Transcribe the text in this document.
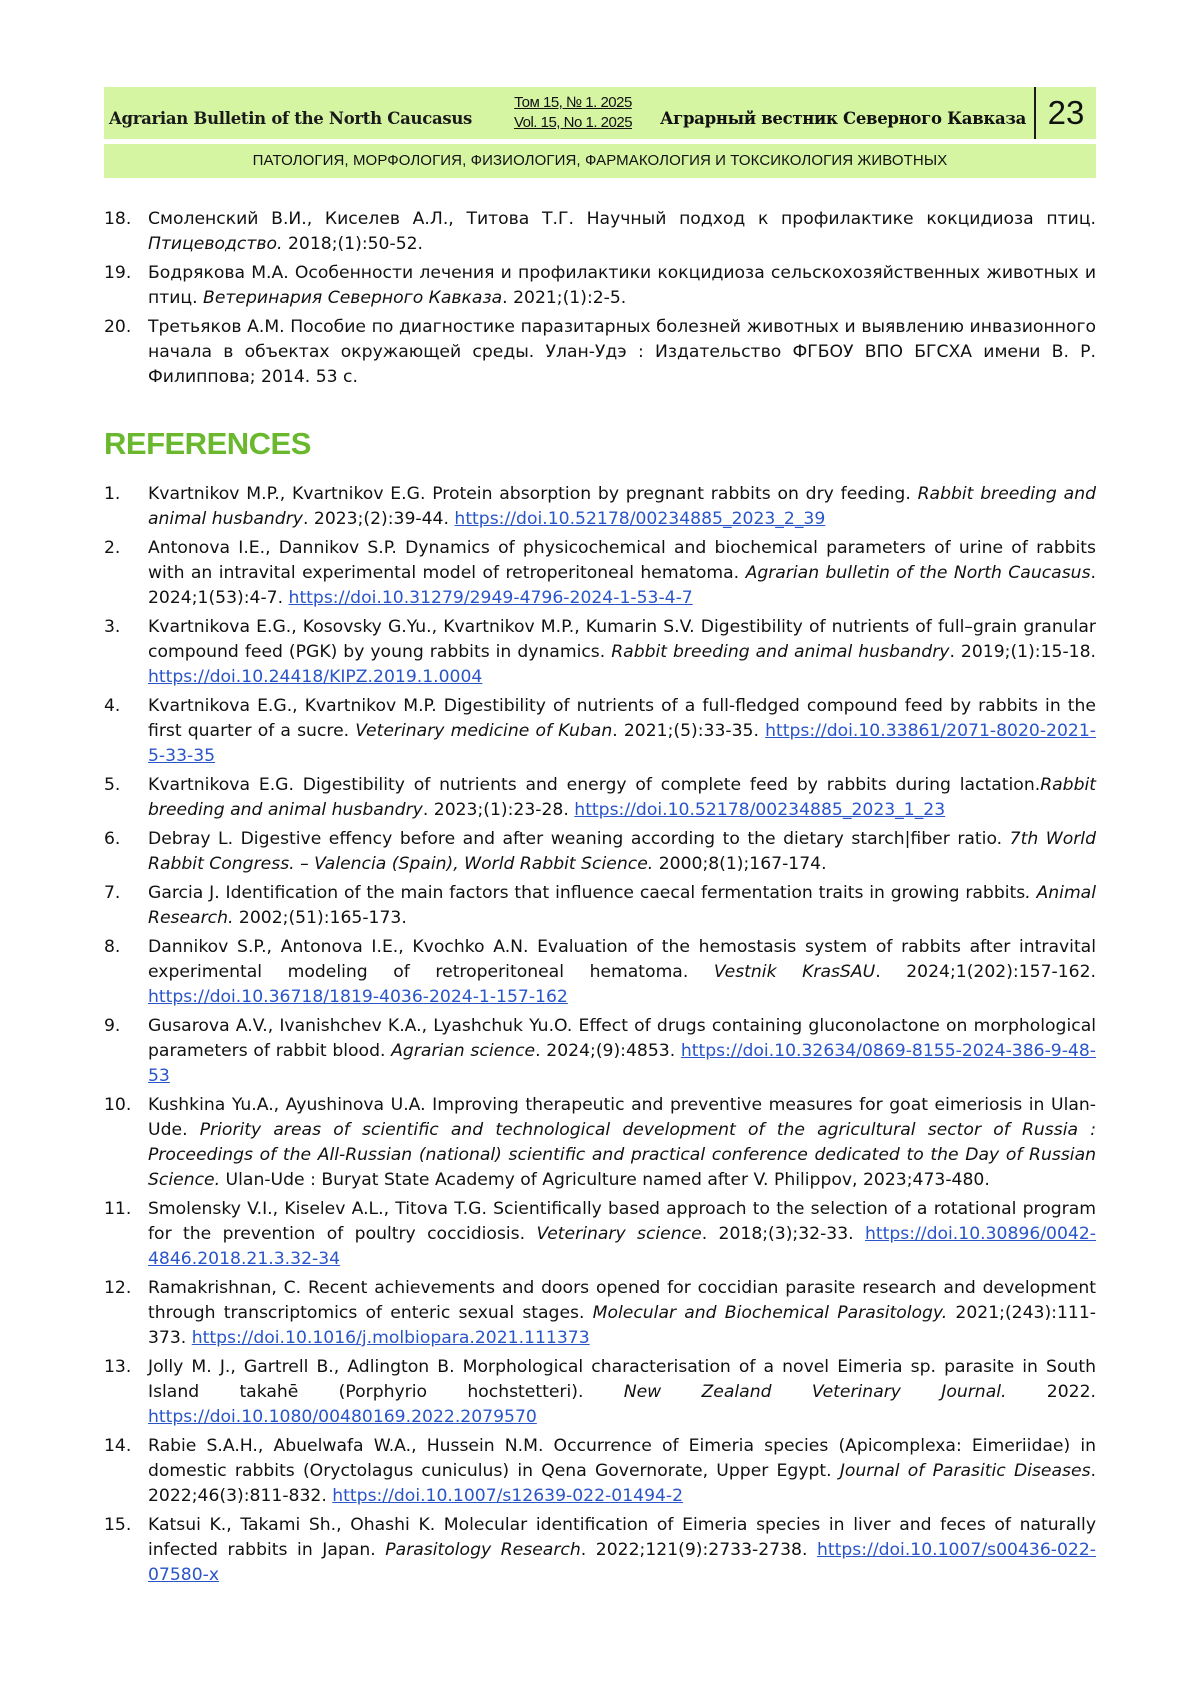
Agrarian Bulletin of the North Caucasus
Том 15, № 1. 2025
Vol. 15, No 1. 2025	Аграрный вестник Северного Кавказа 23
ПАТОЛОГИЯ, МОРФОЛОГИЯ, ФИЗИОЛОГИЯ, ФАРМАКОЛОГИЯ И ТОКСИКОЛОГИЯ ЖИВОТНЫХ
18. Смоленский В.И., Киселев А.Л., Титова Т.Г. Научный подход к профилактике кокцидиоза птиц. Птицеводство. 2018;(1):50-52.
19. Бодрякова М.А. Особенности лечения и профилактики кокцидиоза сельскохозяйственных животных и птиц. Ветеринария Северного Кавказа. 2021;(1):2-5.
20. Третьяков А.М. Пособие по диагностике паразитарных болезней животных и выявлению инвазионного начала в объектах окружающей среды. Улан-Удэ : Издательство ФГБОУ ВПО БГСХА имени В. Р. Филиппова; 2014. 53 с.
REFERENCES
1.	Kvartnikov M.P., Kvartnikov E.G. Protein absorption by pregnant rabbits on dry feeding. Rabbit breeding and animal husbandry. 2023;(2):39-44. https://doi.10.52178/00234885_2023_2_39
2.	Antonova I.E., Dannikov S.P. Dynamics of physicochemical and biochemical parameters of urine of rabbits with an intravital experimental model of retroperitoneal hematoma. Agrarian bulletin of the North Caucasus. 2024;1(53):4-7. https://doi.10.31279/2949-4796-2024-1-53-4-7
3.	Kvartnikova E.G., Kosovsky G.Yu., Kvartnikov M.P., Kumarin S.V. Digestibility of nutrients of full–grain granular compound feed (PGK) by young rabbits in dynamics. Rabbit breeding and animal husbandry. 2019;(1):15-18. https://doi.10.24418/KIPZ.2019.1.0004
4.	Kvartnikova E.G., Kvartnikov M.P. Digestibility of nutrients of a full-fledged compound feed by rabbits in the first quarter of a sucre. Veterinary medicine of Kuban. 2021;(5):33-35. https://doi.10.33861/2071-8020-2021-5-33-35
5.	Kvartnikova E.G. Digestibility of nutrients and energy of complete feed by rabbits during lactation.Rabbit breeding and animal husbandry. 2023;(1):23-28. https://doi.10.52178/00234885_2023_1_23
6.	Debray L. Digestive effency before and after weaning according to the dietary starch|fiber ratio. 7th World Rabbit Congress. – Valencia (Spain), World Rabbit Science. 2000;8(1);167-174.
7.	Garcia J. Identification of the main factors that influence caecal fermentation traits in growing rabbits. Animal Research. 2002;(51):165-173.
8.	Dannikov S.P., Antonova I.E., Kvochko A.N. Evaluation of the hemostasis system of rabbits after intravital experimental modeling of retroperitoneal hematoma. Vestnik KrasSAU. 2024;1(202):157-162. https://doi.10.36718/1819-4036-2024-1-157-162
9.	Gusarova A.V., Ivanishchev K.A., Lyashchuk Yu.O. Effect of drugs containing gluconolactone on morphological parameters of rabbit blood. Agrarian science. 2024;(9):4853. https://doi.10.32634/0869-8155-2024-386-9-48-53
10. Kushkina Yu.A., Ayushinova U.A. Improving therapeutic and preventive measures for goat eimeriosis in Ulan-Ude. Priority areas of scientific and technological development of the agricultural sector of Russia : Proceedings of the All-Russian (national) scientific and practical conference dedicated to the Day of Russian Science. Ulan-Ude : Buryat State Academy of Agriculture named after V. Philippov, 2023;473-480.
11. Smolensky V.I., Kiselev A.L., Titova T.G. Scientifically based approach to the selection of a rotational program for the prevention of poultry coccidiosis. Veterinary science. 2018;(3);32-33. https://doi.10.30896/0042-4846.2018.21.3.32-34
12. Ramakrishnan, C. Recent achievements and doors opened for coccidian parasite research and development through transcriptomics of enteric sexual stages. Molecular and Biochemical Parasitology. 2021;(243):111-373. https://doi.10.1016/j.molbiopara.2021.111373
13. Jolly M. J., Gartrell B., Adlington B. Morphological characterisation of a novel Eimeria sp. parasite in South Island takahē (Porphyrio hochstetteri). New Zealand Veterinary Journal. 2022. https://doi.10.1080/00480169.2022.2079570
14. Rabie S.A.H., Abuelwafa W.A., Hussein N.M. Occurrence of Eimeria species (Apicomplexa: Eimeriidae) in domestic rabbits (Oryctolagus cuniculus) in Qena Governorate, Upper Egypt. Journal of Parasitic Diseases. 2022;46(3):811-832. https://doi.10.1007/s12639-022-01494-2
15. Katsui K., Takami Sh., Ohashi K. Molecular identification of Eimeria species in liver and feces of naturally infected rabbits in Japan. Parasitology Research. 2022;121(9):2733-2738. https://doi.10.1007/s00436-022-07580-x
